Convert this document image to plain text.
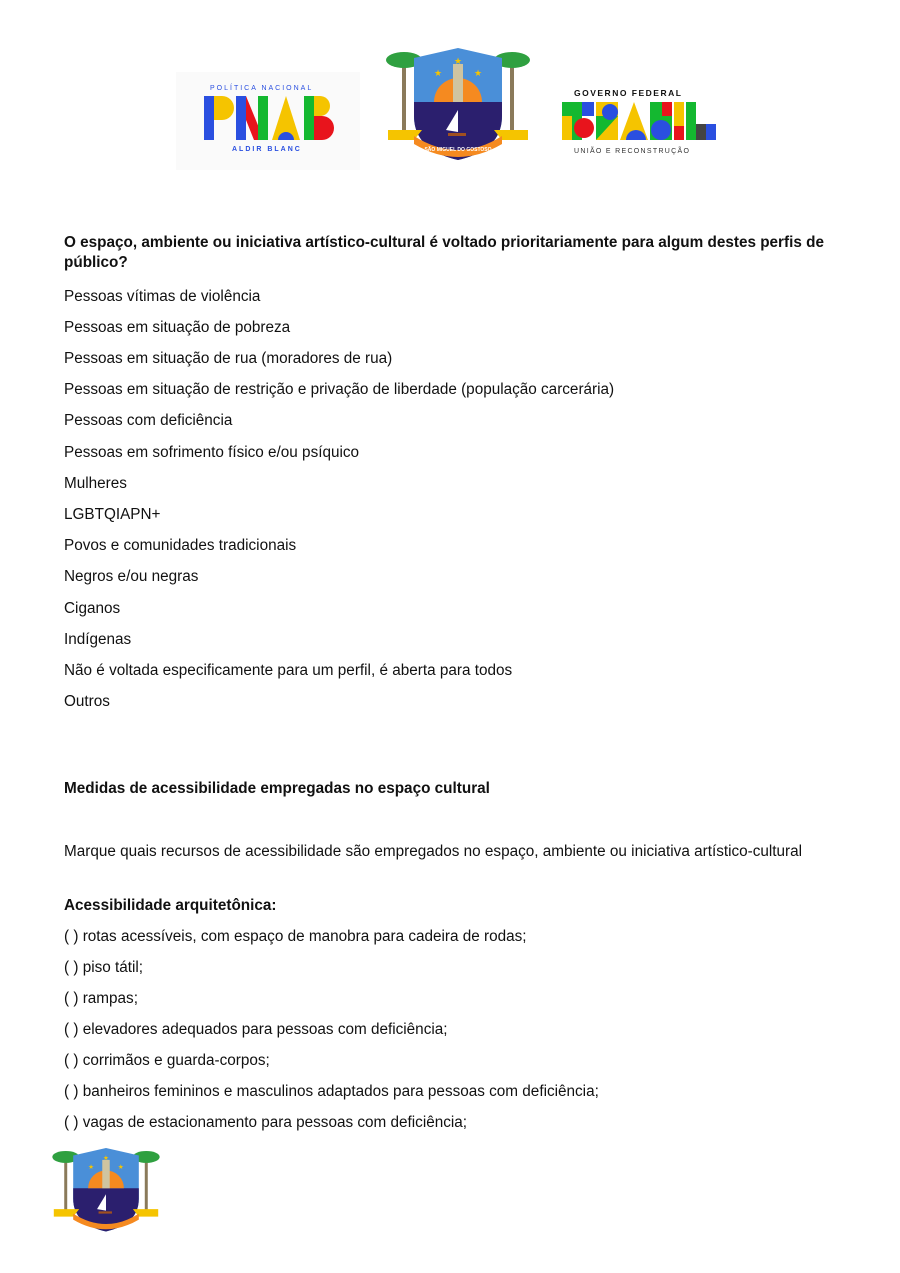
POLÍTICA NACIONAL
ALDIR BLANC
★
★
★
SÃO MIGUEL DO GOSTOSO
GOVERNO FEDERAL
UNIÃO E RECONSTRUÇÃO
O espaço, ambiente ou iniciativa artístico-cultural é voltado prioritariamente para algum destes perfis de público?
Pessoas vítimas de violência
Pessoas em situação de pobreza
Pessoas em situação de rua (moradores de rua)
Pessoas em situação de restrição e privação de liberdade (população carcerária)
Pessoas com deficiência
Pessoas em sofrimento físico e/ou psíquico
Mulheres
LGBTQIAPN+
Povos e comunidades tradicionais
Negros e/ou negras
Ciganos
Indígenas
Não é voltada especificamente para um perfil, é aberta para todos
Outros
Medidas de acessibilidade empregadas no espaço cultural
Marque quais recursos de acessibilidade são empregados no espaço, ambiente ou iniciativa artístico-cultural
Acessibilidade arquitetônica:
( ) rotas acessíveis, com espaço de manobra para cadeira de rodas;
( ) piso tátil;
( ) rampas;
( ) elevadores adequados para pessoas com deficiência;
( ) corrimãos e guarda-corpos;
( ) banheiros femininos e masculinos adaptados para pessoas com deficiência;
( ) vagas de estacionamento para pessoas com deficiência;
